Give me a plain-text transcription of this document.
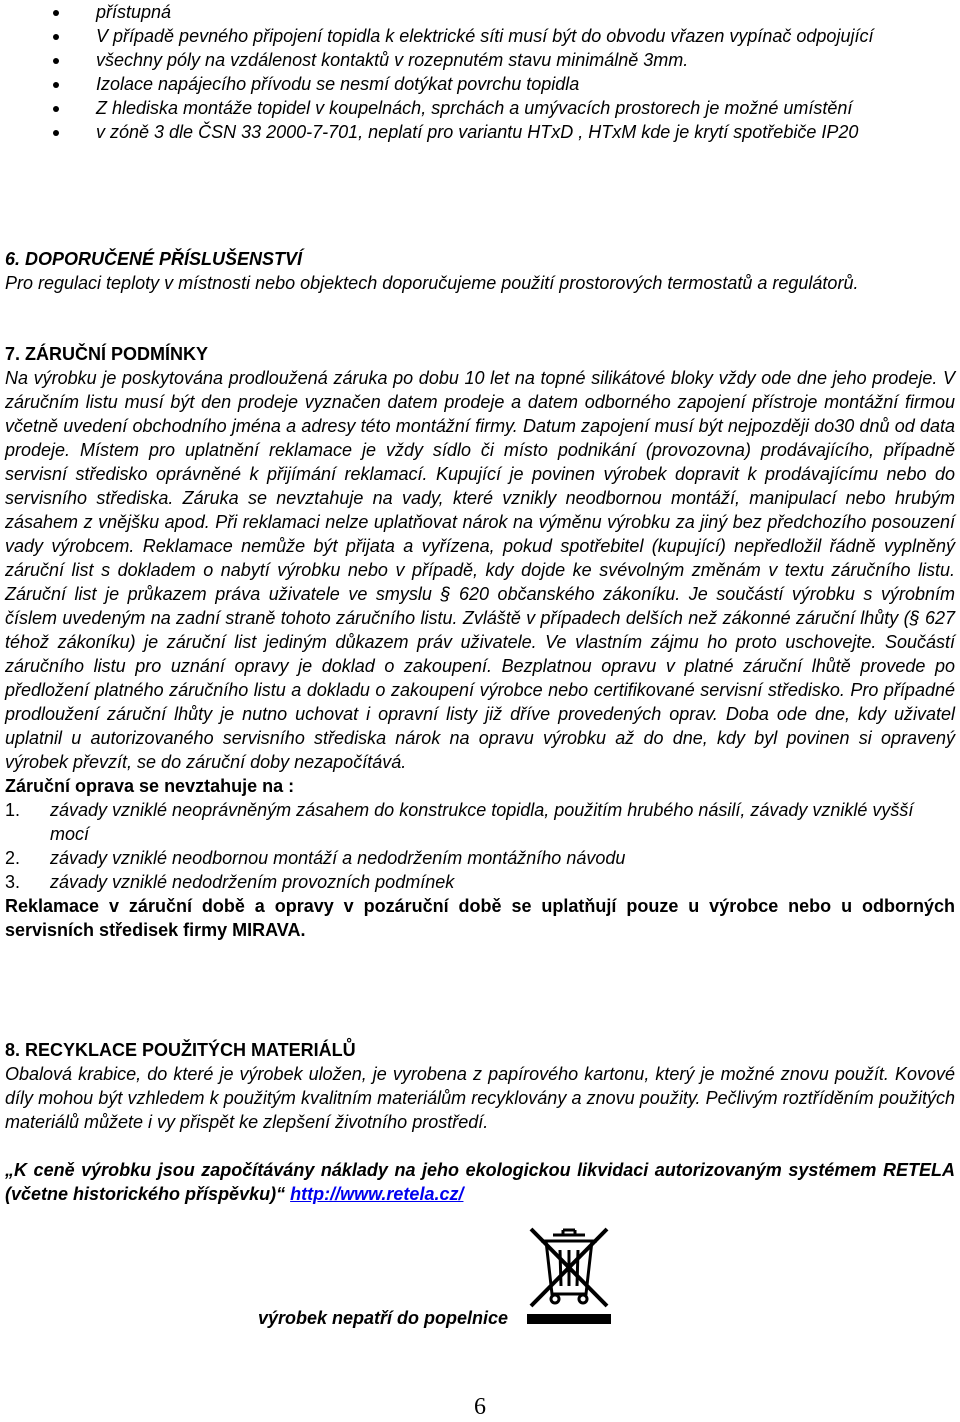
přístupná
V případě pevného připojení topidla k elektrické síti musí být do obvodu vřazen vypínač odpojující
všechny póly na vzdálenost kontaktů v rozepnutém stavu minimálně 3mm.
Izolace napájecího přívodu se nesmí dotýkat povrchu topidla
Z hlediska montáže topidel v koupelnách, sprchách a umývacích prostorech je možné umístění
v zóně 3 dle ČSN 33 2000-7-701, neplatí pro variantu HTxD , HTxM kde je krytí spotřebiče IP20
6. DOPORUČENÉ PŘÍSLUŠENSTVÍ

Pro regulaci teploty v místnosti nebo objektech doporučujeme použití prostorových termostatů a regulátorů.

7. ZÁRUČNÍ PODMÍNKY

Na výrobku je poskytována prodloužená záruka po dobu 10 let na topné silikátové bloky vždy ode dne jeho prodeje. V záručním listu musí být den prodeje vyznačen datem prodeje a datem odborného zapojení přístroje montážní firmou včetně uvedení obchodního jména a adresy této montážní firmy. Datum zapojení musí být nejpozději do30 dnů od data prodeje. Místem pro uplatnění reklamace je vždy sídlo či místo podnikání (provozovna) prodávajícího, případně servisní středisko oprávněné k přijímání reklamací. Kupující je povinen výrobek dopravit k prodávajícímu nebo do servisního střediska. Záruka se nevztahuje na vady, které vznikly neodbornou montáží, manipulací nebo hrubým zásahem z vnějšku apod. Při reklamaci nelze uplatňovat nárok na výměnu výrobku za jiný bez předchozího posouzení vady výrobcem. Reklamace nemůže být přijata a vyřízena, pokud spotřebitel (kupující) nepředložil řádně vyplněný záruční list s dokladem o nabytí výrobku nebo v případě, kdy dojde ke svévolným změnám v textu záručního listu. Záruční list je průkazem práva uživatele ve smyslu § 620 občanského zákoníku. Je součástí výrobku s výrobním číslem uvedeným na zadní straně tohoto záručního listu. Zvláště v případech delších než zákonné záruční lhůty (§ 627 téhož zákoníku) je záruční list jediným důkazem práv uživatele. Ve vlastním zájmu ho proto uschovejte. Součástí záručního listu pro uznání opravy je doklad o zakoupení. Bezplatnou opravu v platné záruční lhůtě provede po předložení platného záručního listu a dokladu o zakoupení výrobce nebo certifikované servisní středisko. Pro případné prodloužení záruční lhůty je nutno uchovat i opravní listy již dříve provedených oprav. Doba ode dne, kdy uživatel uplatnil u autorizovaného servisního střediska nárok na opravu výrobku až do dne, kdy byl povinen si opravený výrobek převzít, se do záruční doby nezapočítává.

Záruční oprava se nevztahuje na :
1. závady vzniklé neoprávněným zásahem do konstrukce topidla, použitím hrubého násilí, závady vzniklé vyšší mocí
2. závady vzniklé neodbornou montáží a nedodržením montážního návodu
3. závady vzniklé nedodržením provozních podmínek

Reklamace v záruční době a opravy v pozáruční době se uplatňují pouze u výrobce nebo u odborných servisních středisek firmy MIRAVA.

8. RECYKLACE POUŽITÝCH MATERIÁLŮ

Obalová krabice, do které je výrobek uložen, je vyrobena z papírového kartonu, který je možné znovu použít. Kovové díly mohou být vzhledem k použitým kvalitním materiálům recyklovány a znovu použity. Pečlivým roztříděním použitých materiálů můžete i vy přispět ke zlepšení životního prostředí.

„K ceně výrobku jsou započítávány náklady na jeho ekologickou likvidaci autorizovaným systémem RETELA (včetne historického příspěvku)“ http://www.retela.cz/

výrobek nepatří do popelnice
6
